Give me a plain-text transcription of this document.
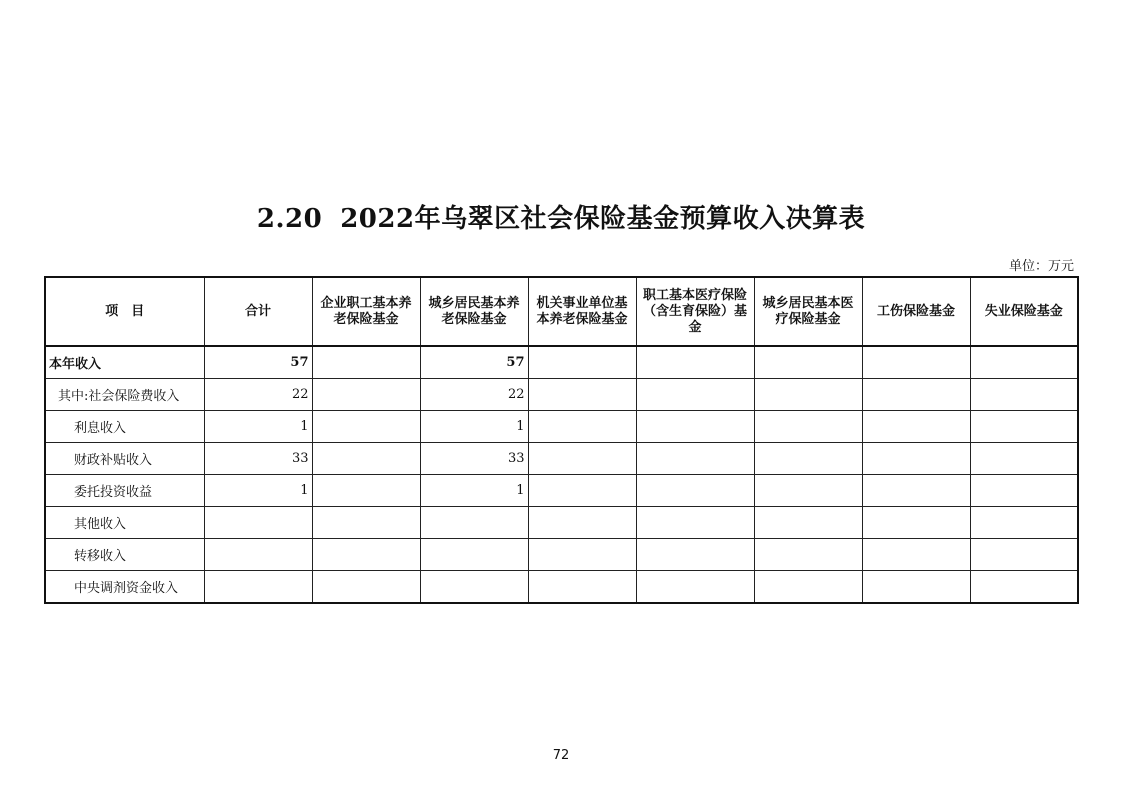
2.20 2022年乌翠区社会保险基金预算收入决算表
单位：万元
项　目	合计	企业职工基本养老保险基金	城乡居民基本养老保险基金	机关事业单位基本养老保险基金	职工基本医疗保险（含生育保险）基金	城乡居民基本医疗保险基金	工伤保险基金	失业保险基金
本年收入	57		57					
其中:社会保险费收入	22		22					
利息收入	1		1					
财政补贴收入	33		33					
委托投资收益	1		1					
其他收入								
转移收入								
中央调剂资金收入								
72
